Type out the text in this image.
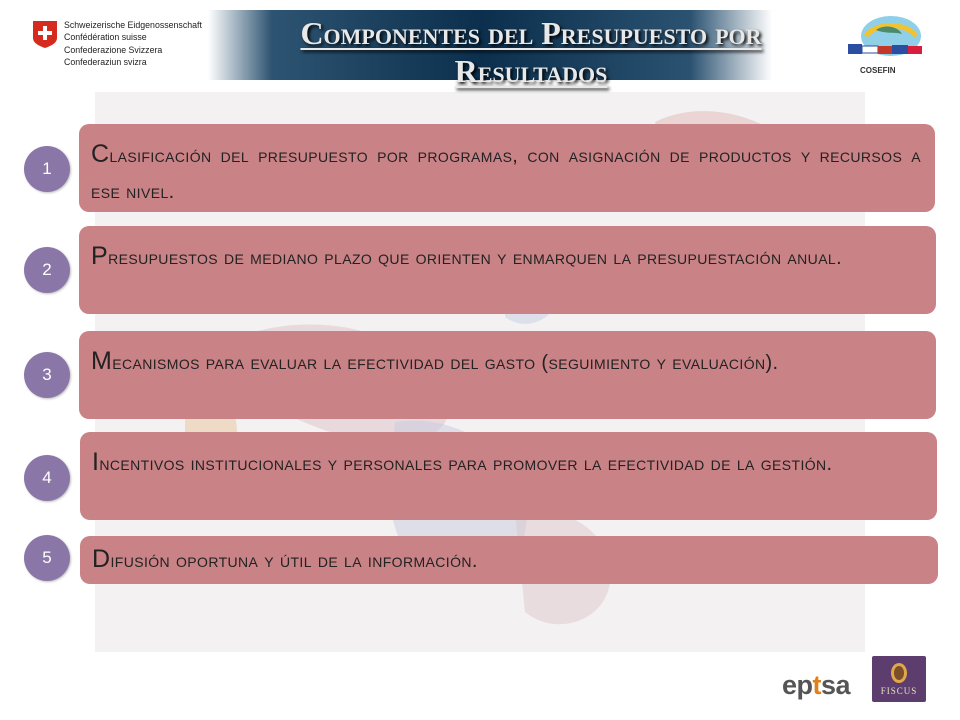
Schweizerische Eidgenossenschaft
Confédération suisse
Confederazione Svizzera
Confederaziun svizra
Componentes del Presupuesto por Resultados	COSEFIN
Clasificación del presupuesto por programas, con asignación de productos y recursos a ese nivel.
1
Presupuestos de mediano plazo que orienten y enmarquen la presupuestación anual.
2
Mecanismos para evaluar la efectividad del gasto (seguimiento y evaluación).
3
Incentivos institucionales y personales para promover la efectividad de la gestión.
4
Difusión oportuna y útil de la información.
5
eptsa	FISCUS
